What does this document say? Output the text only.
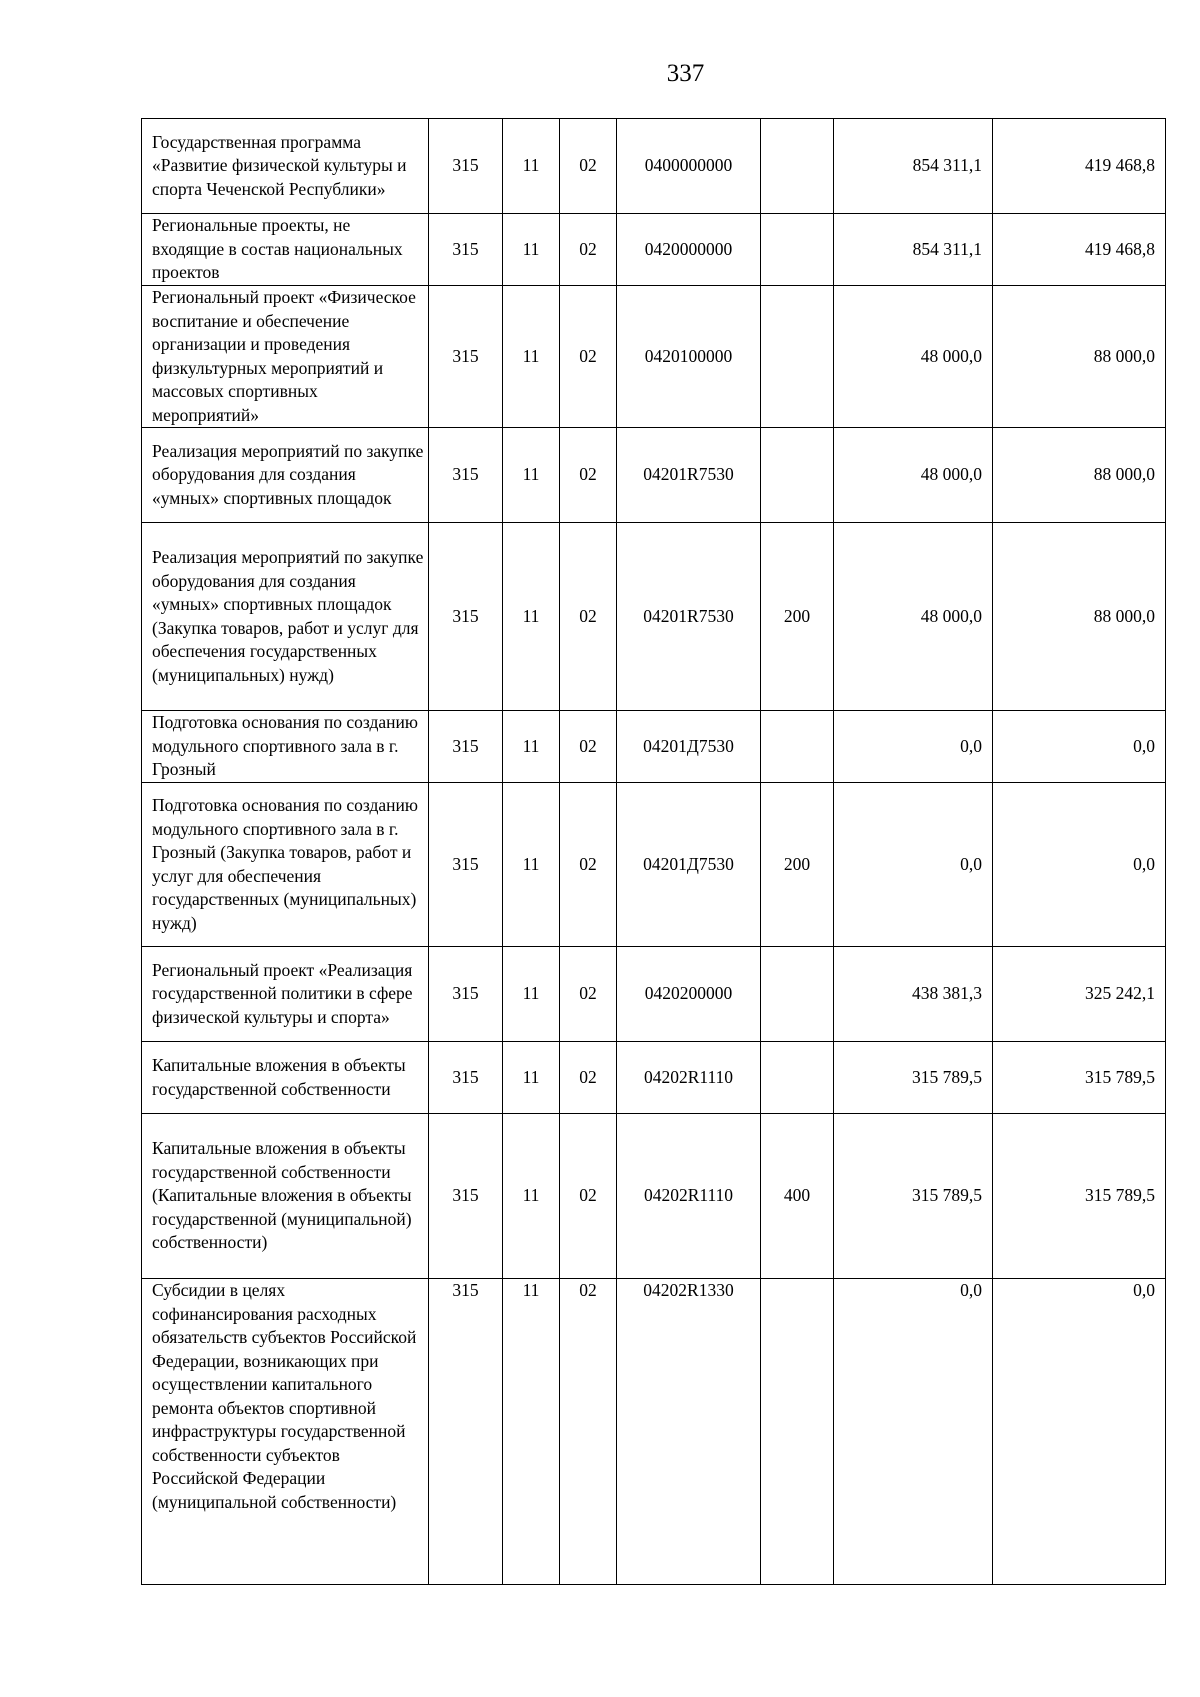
337
Государственная программа «Развитие физической культуры и спорта Чеченской Республики»	315	11	02	0400000000		854 311,1	419 468,8
Региональные проекты, не входящие в состав национальных проектов	315	11	02	0420000000		854 311,1	419 468,8
Региональный проект «Физическое воспитание и обеспечение организации и проведения физкультурных мероприятий и массовых спортивных мероприятий»	315	11	02	0420100000		48 000,0	88 000,0
Реализация мероприятий по закупке оборудования для создания «умных» спортивных площадок	315	11	02	04201R7530		48 000,0	88 000,0
Реализация мероприятий по закупке оборудования для создания «умных» спортивных площадок (Закупка товаров, работ и услуг для обеспечения государственных (муниципальных) нужд)	315	11	02	04201R7530	200	48 000,0	88 000,0
Подготовка основания по созданию модульного спортивного зала в г. Грозный	315	11	02	04201Д7530		0,0	0,0
Подготовка основания по созданию модульного спортивного зала в г. Грозный (Закупка товаров, работ и услуг для обеспечения государственных (муниципальных) нужд)	315	11	02	04201Д7530	200	0,0	0,0
Региональный проект «Реализация государственной политики в сфере физической культуры и спорта»	315	11	02	0420200000		438 381,3	325 242,1
Капитальные вложения в объекты государственной собственности	315	11	02	04202R1110		315 789,5	315 789,5
Капитальные вложения в объекты государственной собственности (Капитальные вложения в объекты государственной (муниципальной) собственности)	315	11	02	04202R1110	400	315 789,5	315 789,5
Субсидии в целях софинансирования расходных обязательств субъектов Российской Федерации, возникающих при осуществлении капитального ремонта объектов спортивной инфраструктуры государственной собственности субъектов Российской Федерации (муниципальной собственности)	315	11	02	04202R1330		0,0	0,0
